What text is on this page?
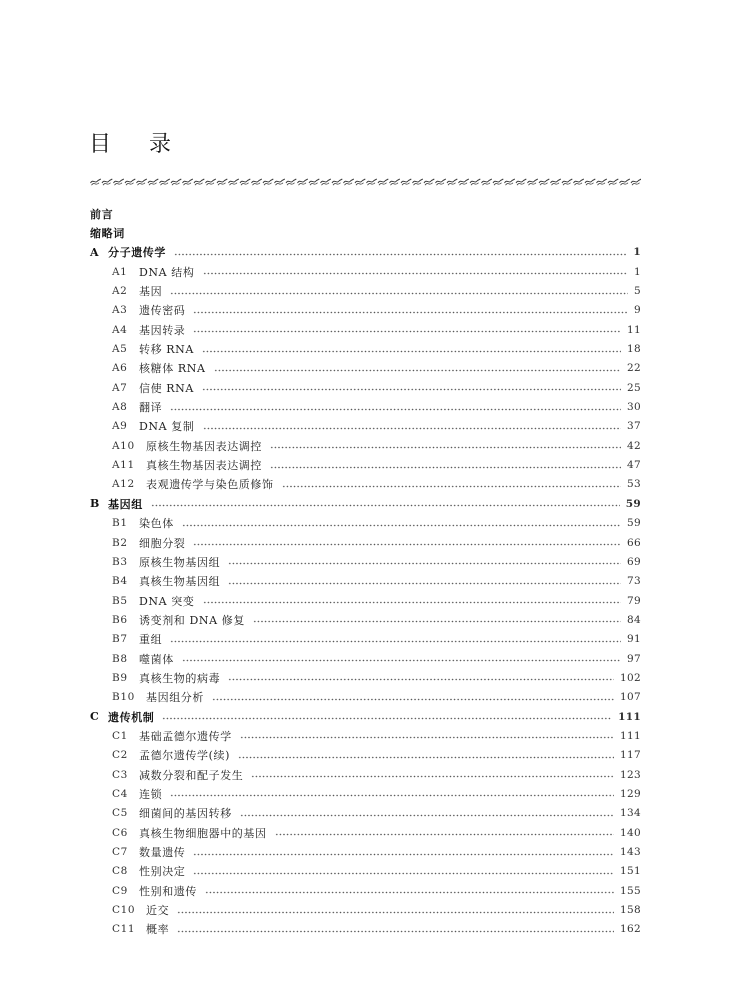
目　录
前言
缩略词
A 分子遗传学	1
A1	DNA 结构	1
A2	基因	5
A3	遗传密码	9
A4	基因转录	11
A5	转移 RNA	18
A6	核糖体 RNA	22
A7	信使 RNA	25
A8	翻译	30
A9	DNA 复制	37
A10	原核生物基因表达调控	42
A11	真核生物基因表达调控	47
A12	表观遗传学与染色质修饰	53
B 基因组	59
B1	染色体	59
B2	细胞分裂	66
B3	原核生物基因组	69
B4	真核生物基因组	73
B5	DNA 突变	79
B6	诱变剂和 DNA 修复	84
B7	重组	91
B8	噬菌体	97
B9	真核生物的病毒	102
B10	基因组分析	107
C 遗传机制	111
C1	基础孟德尔遗传学	111
C2	孟德尔遗传学(续)	117
C3	减数分裂和配子发生	123
C4	连锁	129
C5	细菌间的基因转移	134
C6	真核生物细胞器中的基因	140
C7	数量遗传	143
C8	性别决定	151
C9	性别和遗传	155
C10 近交	158
C11 概率	162
